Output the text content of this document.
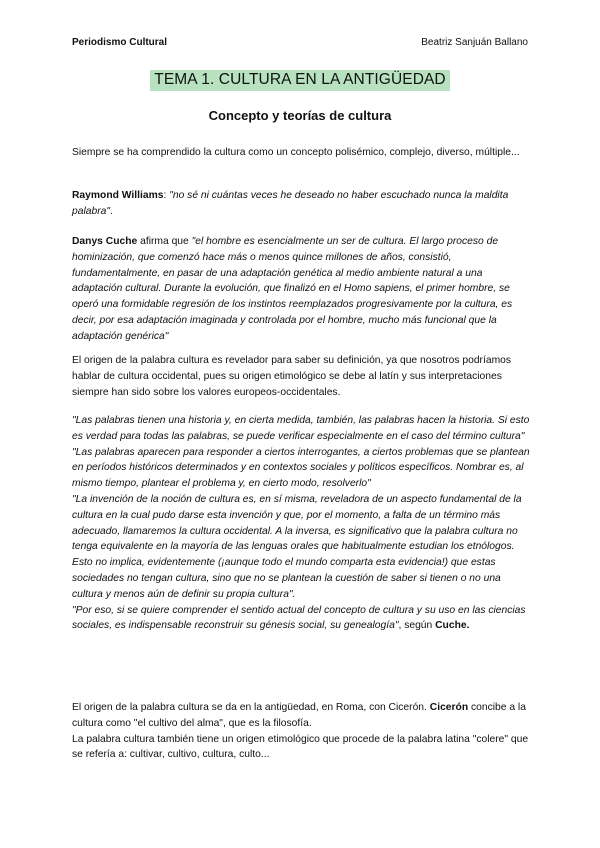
Periodismo Cultural	Beatriz Sanjuán Ballano
TEMA 1. CULTURA EN LA ANTIGÜEDAD
Concepto y teorías de cultura

Siempre se ha comprendido la cultura como un concepto polisémico, complejo, diverso, múltiple...

Raymond Williams: "no sé ni cuántas veces he deseado no haber escuchado nunca la maldita palabra".

Danys Cuche afirma que "el hombre es esencialmente un ser de cultura. El largo proceso de hominización, que comenzó hace más o menos quince millones de años, consistió, fundamentalmente, en pasar de una adaptación genética al medio ambiente natural a una adaptación cultural. Durante la evolución, que finalizó en el Homo sapiens, el primer hombre, se operó una formidable regresión de los instintos reemplazados progresivamente por la cultura, es decir, por esa adaptación imaginada y controlada por el hombre, mucho más funcional que la adaptación genérica"

El origen de la palabra cultura es revelador para saber su definición, ya que nosotros podríamos hablar de cultura occidental, pues su origen etimológico se debe al latín y sus interpretaciones siempre han sido sobre los valores europeos-occidentales.

"Las palabras tienen una historia y, en cierta medida, también, las palabras hacen la historia. Si esto es verdad para todas las palabras, se puede verificar especialmente en el caso del término cultura"

"Las palabras aparecen para responder a ciertos interrogantes, a ciertos problemas que se plantean en períodos históricos determinados y en contextos sociales y políticos específicos. Nombrar es, al mismo tiempo, plantear el problema y, en cierto modo, resolverlo"

"La invención de la noción de cultura es, en sí misma, reveladora de un aspecto fundamental de la cultura en la cual pudo darse esta invención y que, por el momento, a falta de un término más adecuado, llamaremos la cultura occidental. A la inversa, es significativo que la palabra cultura no tenga equivalente en la mayoría de las lenguas orales que habitualmente estudian los etnólogos. Esto no implica, evidentemente (¡aunque todo el mundo comparta esta evidencia!) que estas sociedades no tengan cultura, sino que no se plantean la cuestión de saber si tienen o no una cultura y menos aún de definir su propia cultura".

"Por eso, si se quiere comprender el sentido actual del concepto de cultura y su uso en las ciencias sociales, es indispensable reconstruir su génesis social, su genealogía", según Cuche.

El origen de la palabra cultura se da en la antigüedad, en Roma, con Cicerón. Cicerón concibe a la cultura como "el cultivo del alma", que es la filosofía.

La palabra cultura también tiene un origen etimológico que procede de la palabra latina "colere" que se refería a: cultivar, cultivo, cultura, culto...
